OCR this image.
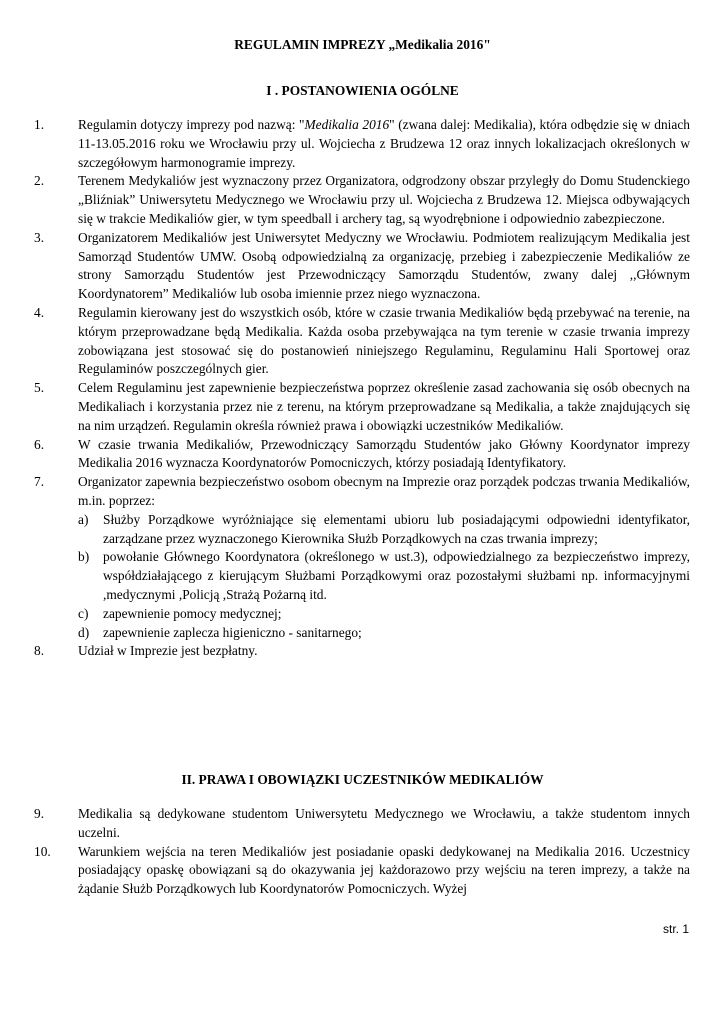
REGULAMIN IMPREZY „Medikalia 2016"
I . POSTANOWIENIA OGÓLNE
1.	Regulamin dotyczy imprezy pod nazwą: "Medikalia 2016" (zwana dalej: Medikalia), która odbędzie się w dniach 11-13.05.2016 roku we Wrocławiu przy ul. Wojciecha z Brudzewa 12 oraz innych lokalizacjach określonych w szczegółowym harmonogramie imprezy.
2.	Terenem Medykaliów jest wyznaczony przez Organizatora, odgrodzony obszar przyległy do Domu Studenckiego „Bliźniak” Uniwersytetu Medycznego we Wrocławiu przy ul. Wojciecha z Brudzewa 12. Miejsca odbywających się w trakcie Medikaliów gier, w tym speedball i archery tag, są wyodrębnione i odpowiednio zabezpieczone.
3.	Organizatorem Medikaliów jest Uniwersytet Medyczny we Wrocławiu. Podmiotem realizującym Medikalia jest Samorząd Studentów UMW. Osobą odpowiedzialną za organizację, przebieg i zabezpieczenie Medikaliów ze strony Samorządu Studentów jest Przewodniczący Samorządu Studentów, zwany dalej ,,Głównym Koordynatorem” Medikaliów lub osoba imiennie przez niego wyznaczona.
4.	Regulamin kierowany jest do wszystkich osób, które w czasie trwania Medikaliów będą przebywać na terenie, na którym przeprowadzane będą Medikalia. Każda osoba przebywająca na tym terenie w czasie trwania imprezy zobowiązana jest stosować się do postanowień niniejszego Regulaminu, Regulaminu Hali Sportowej oraz Regulaminów poszczególnych gier.
5.	Celem Regulaminu jest zapewnienie bezpieczeństwa poprzez określenie zasad zachowania się osób obecnych na Medikaliach i korzystania przez nie z terenu, na którym przeprowadzane są Medikalia, a także znajdujących się na nim urządzeń. Regulamin określa również prawa i obowiązki uczestników Medikaliów.
6.	W czasie trwania Medikaliów, Przewodniczący Samorządu Studentów jako Główny Koordynator imprezy Medikalia 2016 wyznacza Koordynatorów Pomocniczych, którzy posiadają Identyfikatory.
7.	Organizator zapewnia bezpieczeństwo osobom obecnym na Imprezie oraz porządek podczas trwania Medikaliów, m.in. poprzez:
a) Służby Porządkowe wyróżniające się elementami ubioru lub posiadającymi odpowiedni identyfikator, zarządzane przez wyznaczonego Kierownika Służb Porządkowych na czas trwania imprezy;
b) powołanie Głównego Koordynatora (określonego w ust.3), odpowiedzialnego za bezpieczeństwo imprezy, współdziałającego z kierującym Służbami Porządkowymi oraz pozostałymi służbami np. informacyjnymi ,medycznymi ,Policją ,Strażą Pożarną itd.
c) zapewnienie pomocy medycznej;
d) zapewnienie zaplecza higieniczno - sanitarnego;
8.	Udział w Imprezie jest bezpłatny.
II. PRAWA I OBOWIĄZKI UCZESTNIKÓW MEDIKALIÓW
9.	Medikalia są dedykowane studentom Uniwersytetu Medycznego we Wrocławiu, a także studentom innych uczelni.
10. Warunkiem wejścia na teren Medikaliów jest posiadanie opaski dedykowanej na Medikalia 2016. Uczestnicy posiadający opaskę obowiązani są do okazywania jej każdorazowo przy wejściu na teren imprezy, a także na żądanie Służb Porządkowych lub Koordynatorów Pomocniczych. Wyżej
str. 1
